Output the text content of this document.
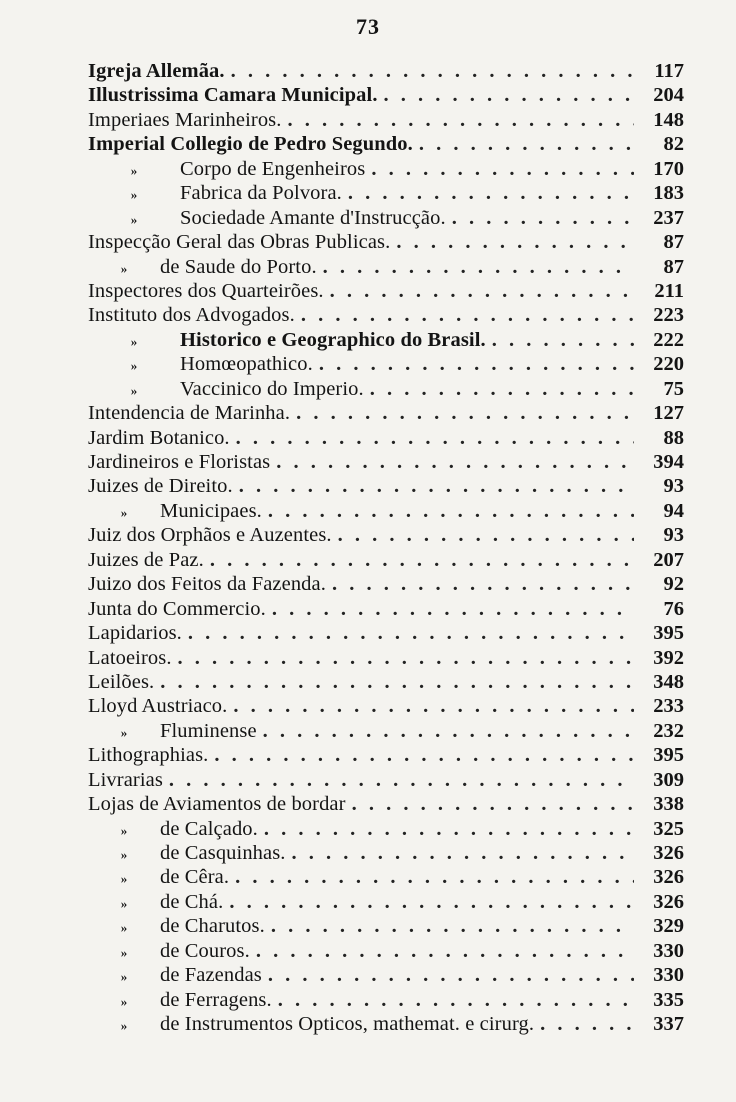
73
Igreja Allemãa. . . .	117
Illustrissima Camara Municipal. . . .	204
Imperiaes Marinheiros. . . .	148
Imperial Collegio de Pedro Segundo. . . .	82
»	Corpo de Engenheiros . . .	170
»	Fabrica da Polvora. . . .	183
»	Sociedade Amante d'Instrucção. . . .	237
Inspecção Geral das Obras Publicas. . . .	87
»	de Saude do Porto. . . .	87
Inspectores dos Quarteirões. . . .	211
Instituto dos Advogados. . . .	223
»	Historico e Geographico do Brasil. . . .	222
»	Homœopathico. . . .	220
»	Vaccinico do Imperio. . . .	75
Intendencia de Marinha. . . .	127
Jardim Botanico. . . .	88
Jardineiros e Floristas . . .	394
Juizes de Direito. . . .	93
»	Municipaes. . . .	94
Juiz dos Orphãos e Auzentes. . . .	93
Juizes de Paz. . . .	207
Juizo dos Feitos da Fazenda. . . .	92
Junta do Commercio. . . .	76
Lapidarios. . . .	395
Latoeiros. . . .	392
Leilões. . . .	348
Lloyd Austriaco. . . .	233
»	Fluminense . . .	232
Lithographias. . . .	395
Livrarias . . .	309
Lojas de Aviamentos de bordar . . .	338
»	de Calçado. . . .	325
»	de Casquinhas. . . .	326
»	de Cêra. . . .	326
»	de Chá. . . .	326
»	de Charutos. . . .	329
»	de Couros. . . .	330
»	de Fazendas . . .	330
»	de Ferragens. . . .	335
»	de Instrumentos Opticos, mathemat. e cirurg. . . .	337
